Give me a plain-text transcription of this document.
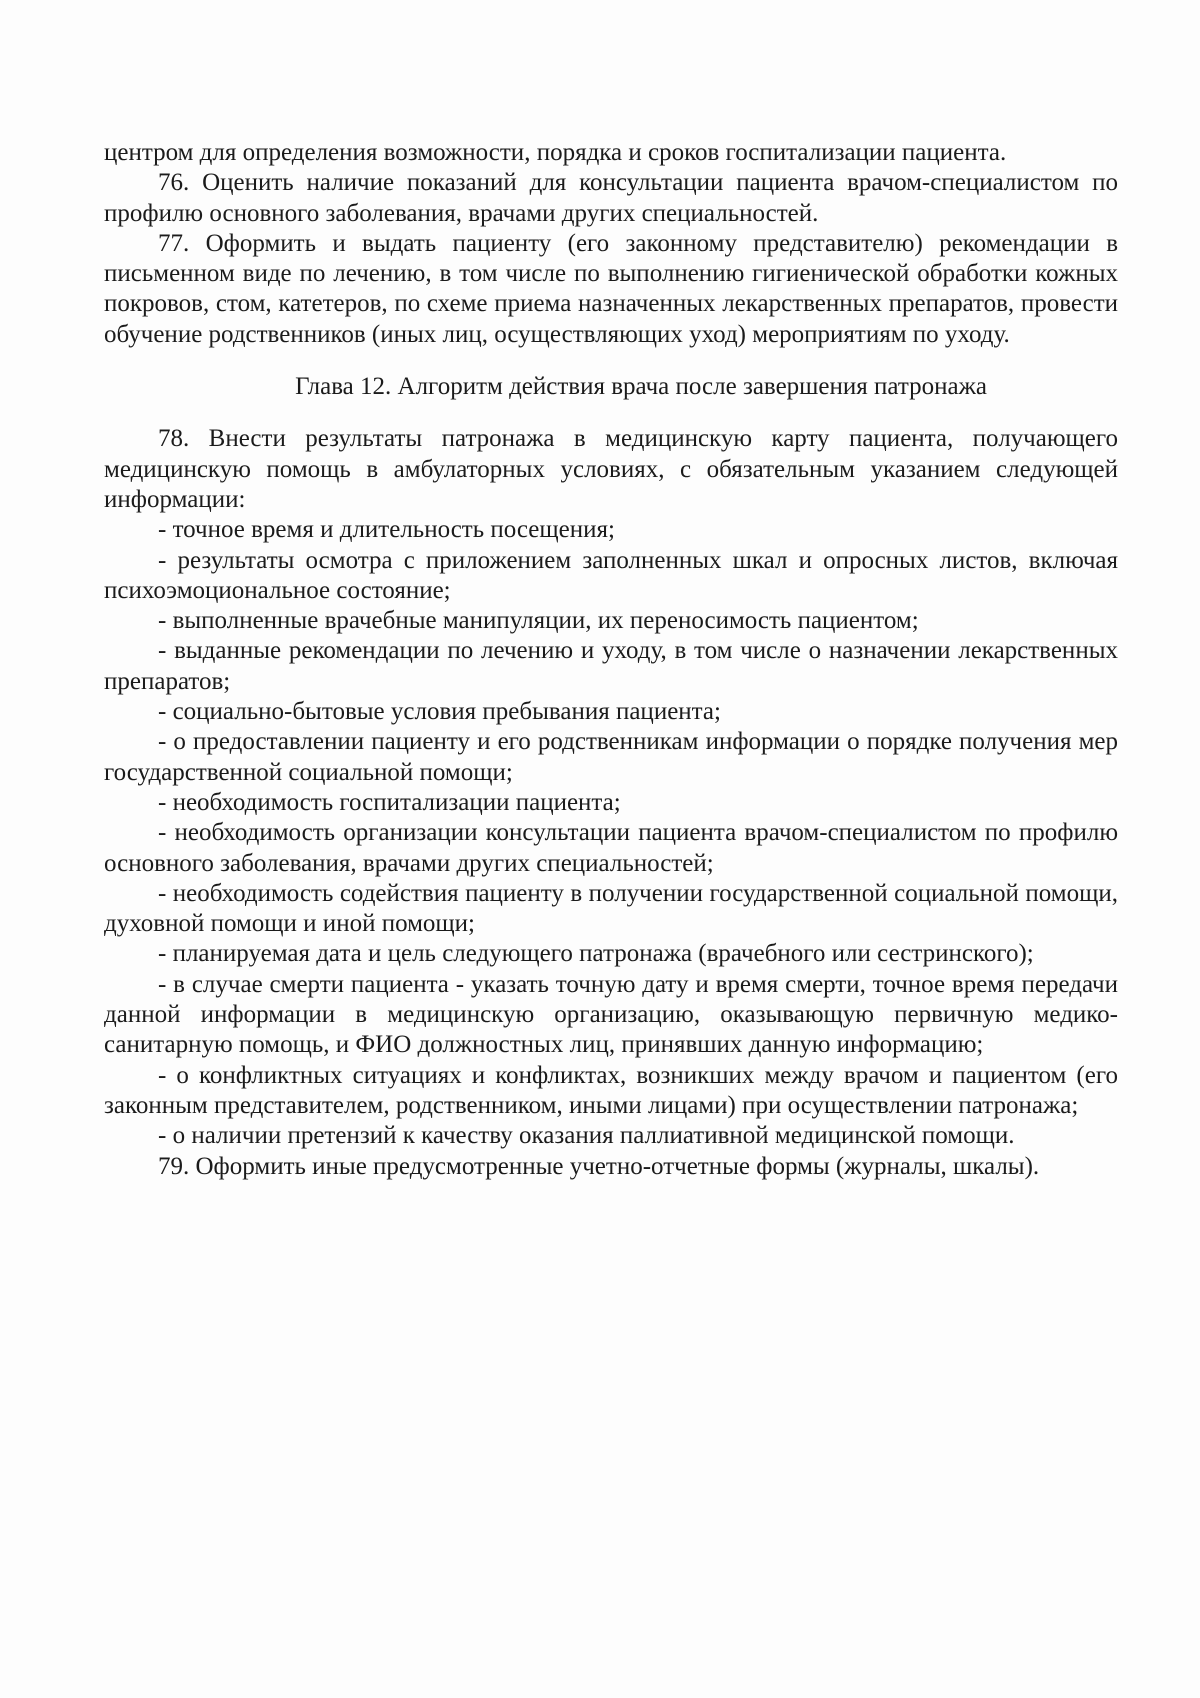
центром для определения возможности, порядка и сроков госпитализации пациента.

76. Оценить наличие показаний для консультации пациента врачом-специалистом по профилю основного заболевания, врачами других специальностей.

77. Оформить и выдать пациенту (его законному представителю) рекомендации в письменном виде по лечению, в том числе по выполнению гигиенической обработки кожных покровов, стом, катетеров, по схеме приема назначенных лекарственных препаратов, провести обучение родственников (иных лиц, осуществляющих уход) мероприятиям по уходу.

Глава 12. Алгоритм действия врача после завершения патронажа

78. Внести результаты патронажа в медицинскую карту пациента, получающего медицинскую помощь в амбулаторных условиях, с обязательным указанием следующей информации:

- точное время и длительность посещения;

- результаты осмотра с приложением заполненных шкал и опросных листов, включая психоэмоциональное состояние;

- выполненные врачебные манипуляции, их переносимость пациентом;

- выданные рекомендации по лечению и уходу, в том числе о назначении лекарственных препаратов;

- социально-бытовые условия пребывания пациента;

- о предоставлении пациенту и его родственникам информации о порядке получения мер государственной социальной помощи;

- необходимость госпитализации пациента;

- необходимость организации консультации пациента врачом-специалистом по профилю основного заболевания, врачами других специальностей;

- необходимость содействия пациенту в получении государственной социальной помощи, духовной помощи и иной помощи;

- планируемая дата и цель следующего патронажа (врачебного или сестринского);

- в случае смерти пациента - указать точную дату и время смерти, точное время передачи данной информации в медицинскую организацию, оказывающую первичную медико-санитарную помощь, и ФИО должностных лиц, принявших данную информацию;

- о конфликтных ситуациях и конфликтах, возникших между врачом и пациентом (его законным представителем, родственником, иными лицами) при осуществлении патронажа;

- о наличии претензий к качеству оказания паллиативной медицинской помощи.

79. Оформить иные предусмотренные учетно-отчетные формы (журналы, шкалы).
